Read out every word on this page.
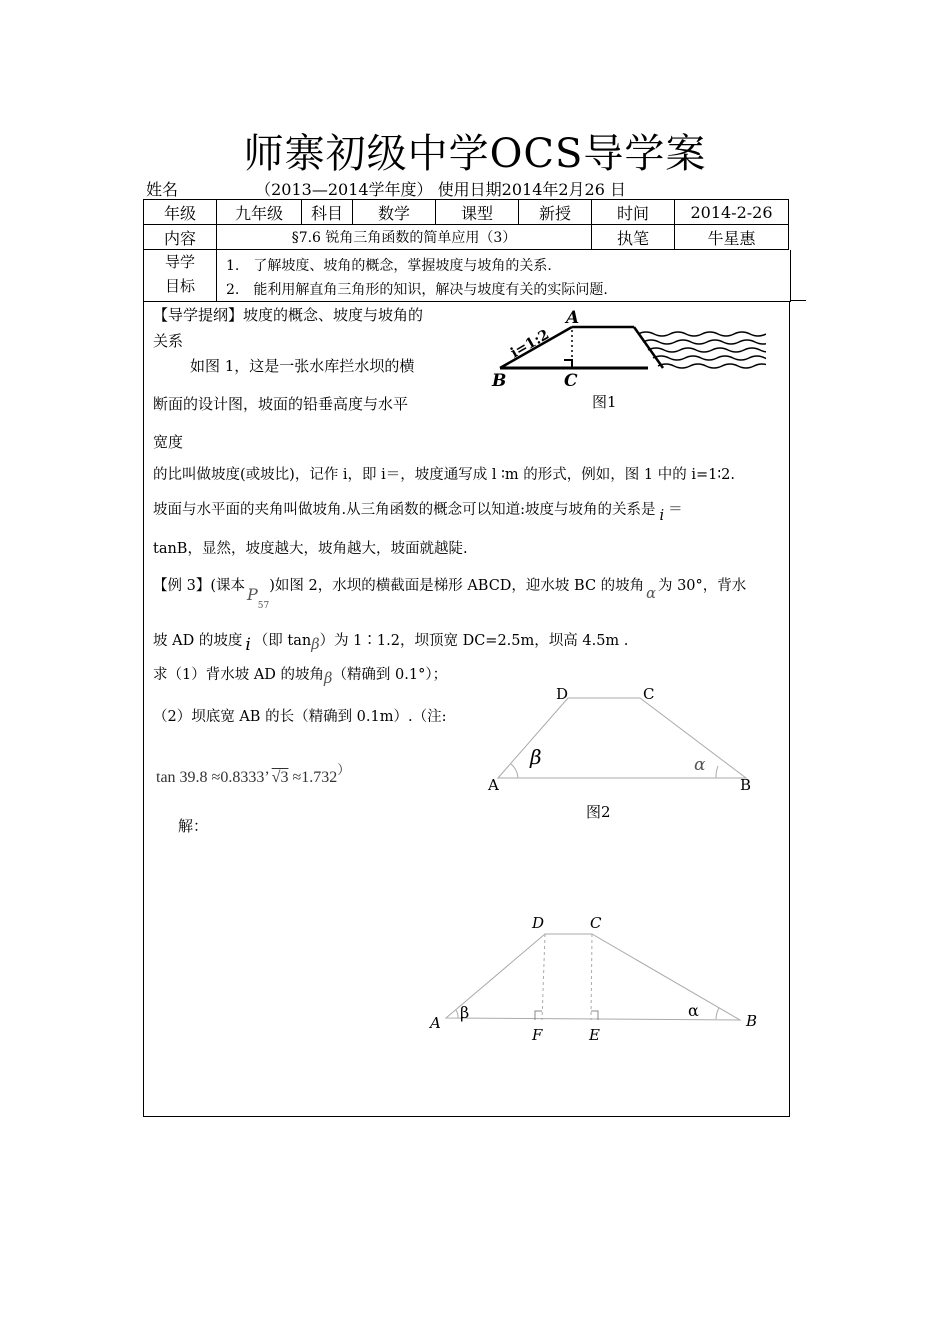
师寨初级中学OCS导学案
姓名	（2013—2014学年度） 使用日期2014年2月26 日
年级	九年级	科目	数学	课型	新授	时间	2014-2-26
内容	§7.6 锐角三角函数的简单应用（3）					执笔	牛星惠
导学
目标
1.　了解坡度、坡角的概念，掌握坡度与坡角的关系.
2.　能利用解直角三角形的知识，解决与坡度有关的实际问题.
【导学提纲】坡度的概念、坡度与坡角的
关系
如图 1，这是一张水库拦水坝的横
断面的设计图，坡面的铅垂高度与水平
宽度
的比叫做坡度(或坡比)，记作 i，即 i＝，坡度通写成 l ∶m 的形式，例如，图 1 中的 i=1∶2.
坡面与水平面的夹角叫做坡角.从三角函数的概念可以知道:坡度与坡角的关系是 i ＝
tanB，显然，坡度越大，坡角越大，坡面就越陡.
【例 3】(课本 $P_{57}$)如图 2，水坝的横截面是梯形 ABCD，迎水坡 BC 的坡角 α 为 30°，背水
坡 AD 的坡度 i （即 tanβ）为 1∶1.2，坝顶宽 DC=2.5m，坝高 4.5m .
求（1）背水坡 AD 的坡角β（精确到 0.1°）；
（2）坝底宽 AB 的长（精确到 0.1m）.（注:
tan 39.8 ≈0.8333’ √3 ≈1.732）
解：
A
B	C
i=1:2
图1
D	C
A	B
β	α
图2
D	C
A	B
F	E
β	α
